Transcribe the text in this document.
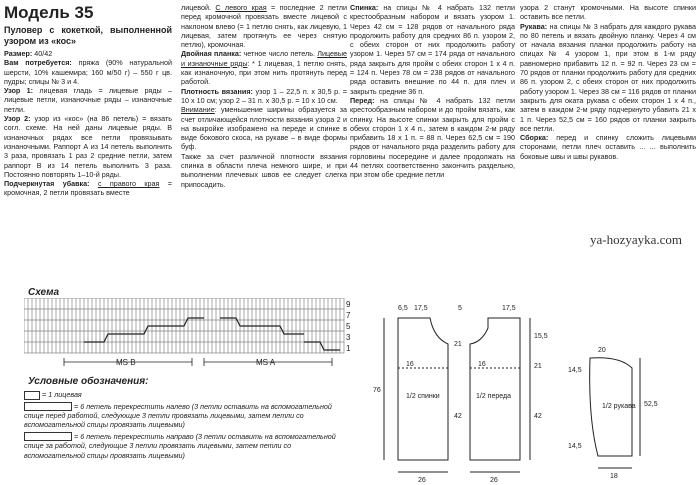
Модель 35

Пуловер с кокеткой, выполненной узором из «кос»

Размер: 40/42

Вам потребуется: пряжа (90% натуральной шерсти, 10% кашемира; 160 м/50 г) – 550 г цв. пудры; спицы № 3 и 4.

Узор 1: лицевая гладь = лицевые ряды – лицевые петли, изнаночные ряды – изнаночные петли.

Узор 2: узор из «кос» (на 86 петель) = вязать согл. схеме. На ней даны лицевые ряды. В изнаночных рядах все петли провязывать изнаночными. Раппорт А из 14 петель выполнить 3 раза, провязать 1 раз 2 средние петли, затем раппорт В из 14 петель выполнить 3 раза. Постоянно повторять 1–10-й ряды.

Подчеркнутая убавка: с правого края = кромочная, 2 петли провязать вместе

лицевой. С левого края = последние 2 петли перед кромочной провязать вместе лицевой с наклоном влево (= 1 петлю снять, как лицевую, 1 лицевая, затем протянуть ее через снятую петлю), кромочная.

Двойная планка: четное число петель. Лицевые и изнаночные ряды: * 1 лицевая, 1 петлю снять, как изнаночную, при этом нить протянуть перед работой.

Плотность вязания: узор 1 – 22,5 п. х 30,5 р. = 10 х 10 см; узор 2 – 31 п. х 30,5 р. = 10 х 10 см.

Внимание: уменьшение ширины образуется за счет отличающейся плотности вязания узора 2 и на выкройке изображено на переде и спинке в виде бокового скоса, на рукаве – в виде формы буф.

Также за счет различной плотности вязания спинка в области плеча немного шире, и при выполнении плечевых швов ее следует слегка припосадить.

Спинка: на спицы № 4 набрать 132 петли крестообразным набором и вязать узором 1. Через 42 см = 128 рядов от начального ряда продолжить работу для средних 86 п. узором 2, с обеих сторон от них продолжить работу узором 1. Через 57 см = 174 ряда от начального ряда закрыть для пройм с обеих сторон 1 х 4 п. = 124 п. Через 78 см = 238 рядов от начального ряда оставить внешние по 44 п. для плеч и закрыть средние 36 п.

Перед: на спицы № 4 набрать 132 петли крестообразным набором и до пройм вязать, как спинку. На высоте спинки закрыть для пройм с обеих сторон 1 х 4 п., затем в каждом 2-м ряду прибавить 18 х 1 п. = 88 п. Через 62,5 см = 190 рядов от начального ряда разделить работу для горловины посередине и далее продолжать на 44 петлях соответственно закончить раздельно, при этом обе средние петли

узора 2 станут кромочными. На высоте спинки оставить все петли.

Рукава: на спицы № 3 набрать для каждого рукава по 80 петель и вязать двойную планку. Через 4 см от начала вязания планки продолжить работу на спицах № 4 узором 1, при этом в 1-м ряду равномерно прибавить 12 п. = 92 п. Через 23 см = 70 рядов от планки продолжить работу для средних 86 п. узором 2, с обеих сторон от них продолжить работу узором 1. Через 38 см = 116 рядов от планки закрыть для оката рукава с обеих сторон 1 х 4 п., затем в каждом 2-м ряду подчеркнуто убавить 21 х 1 п. Через 52,5 см = 160 рядов от планки закрыть все петли.

Сборка: перед и спинку сложить лицевыми сторонами, петли плеч оставить ... ... выполнить боковые швы и швы рукавов.

ya-hozyayka.com
Схема
9
7
5
3
1
MS B	MS A
Условные обозначения:
= 1 лицевая
= 6 петель перекрестить налево (3 петли оставить на вспомогательной спице перед работой, следующие 3 петли провязать лицевыми, затем петли со вспомогательной спицы провязать лицевыми)
= 6 петель перекрестить направо (3 петли оставить на вспомогательной спице за работой, следующие 3 петли провязать лицевыми, затем петли со вспомогательной спицы провязать лицевыми)
6,5 17,5	5	17,5
21
76
42
15,5
21
42
16	16
1/2 спинки	1/2 переда
26	26
20
14,5
14,5
52,5
1/2 рукава
18
